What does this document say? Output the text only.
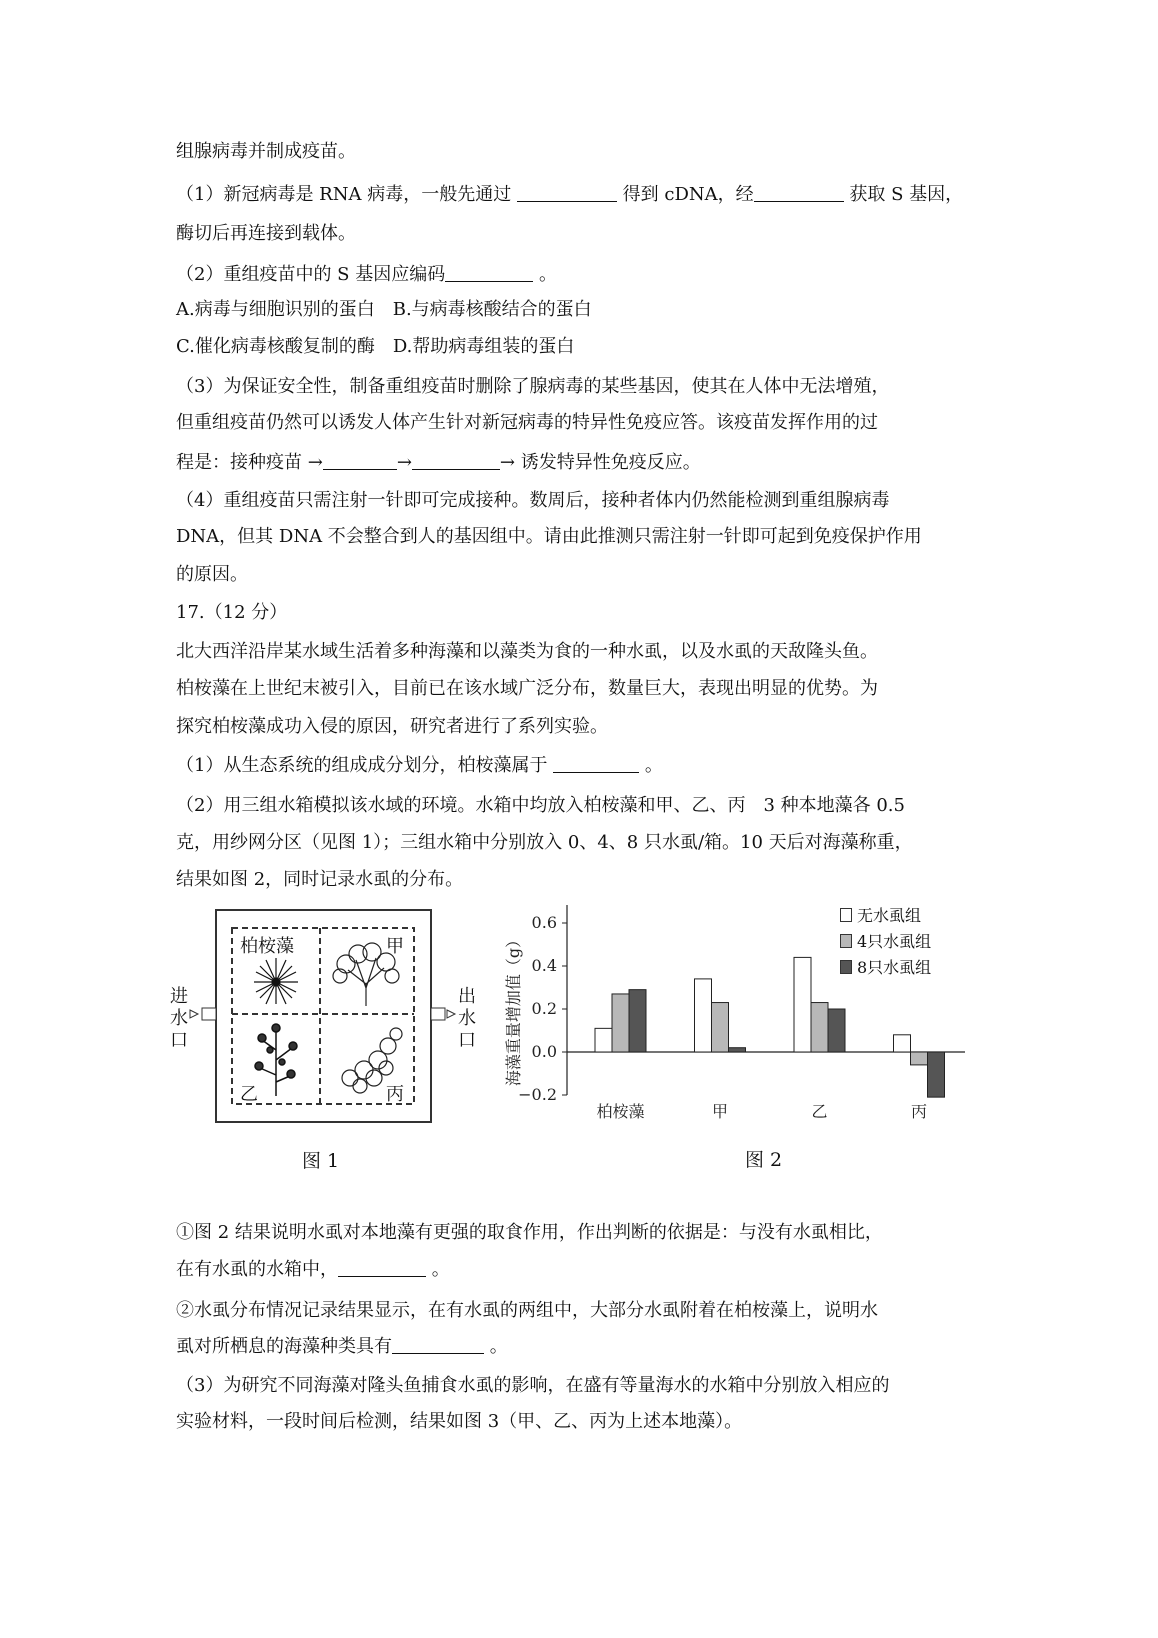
组腺病毒并制成疫苗。
（1）新冠病毒是 RNA 病毒，一般先通过	得到 cDNA，经	获取 S 基因，
酶切后再连接到载体。
（2）重组疫苗中的 S 基因应编码	。
A.病毒与细胞识别的蛋白　B.与病毒核酸结合的蛋白
C.催化病毒核酸复制的酶　D.帮助病毒组装的蛋白
（3）为保证安全性，制备重组疫苗时删除了腺病毒的某些基因，使其在人体中无法增殖，
但重组疫苗仍然可以诱发人体产生针对新冠病毒的特异性免疫应答。该疫苗发挥作用的过
程是：接种疫苗 →	→	→ 诱发特异性免疫反应。
（4）重组疫苗只需注射一针即可完成接种。数周后，接种者体内仍然能检测到重组腺病毒
DNA，但其 DNA 不会整合到人的基因组中。请由此推测只需注射一针即可起到免疫保护作用
的原因。
17.（12 分）
北大西洋沿岸某水域生活着多种海藻和以藻类为食的一种水虱，以及水虱的天敌隆头鱼。
柏桉藻在上世纪末被引入，目前已在该水域广泛分布，数量巨大，表现出明显的优势。为
探究柏桉藻成功入侵的原因，研究者进行了系列实验。
（1）从生态系统的组成成分划分，柏桉藻属于	。
（2）用三组水箱模拟该水域的环境。水箱中均放入柏桉藻和甲、乙、丙　3 种本地藻各 0.5
克，用纱网分区（见图 1）；三组水箱中分别放入 0、4、8 只水虱/箱。10 天后对海藻称重，
结果如图 2，同时记录水虱的分布。
①图 2 结果说明水虱对本地藻有更强的取食作用，作出判断的依据是：与没有水虱相比，
在有水虱的水箱中，	。
②水虱分布情况记录结果显示，在有水虱的两组中，大部分水虱附着在柏桉藻上，说明水
虱对所栖息的海藻种类具有	。
（3）为研究不同海藻对隆头鱼捕食水虱的影响，在盛有等量海水的水箱中分别放入相应的
实验材料，一段时间后检测，结果如图 3（甲、乙、丙为上述本地藻）。
进
水
口
出
水
口
柏桉藻	甲
乙	丙
图 1
0.6
0.4
0.2
0.0
−0.2
海藻重量增加值（g）
柏桉藻	甲	乙	丙
图 2
无水虱组
4只水虱组
8只水虱组
